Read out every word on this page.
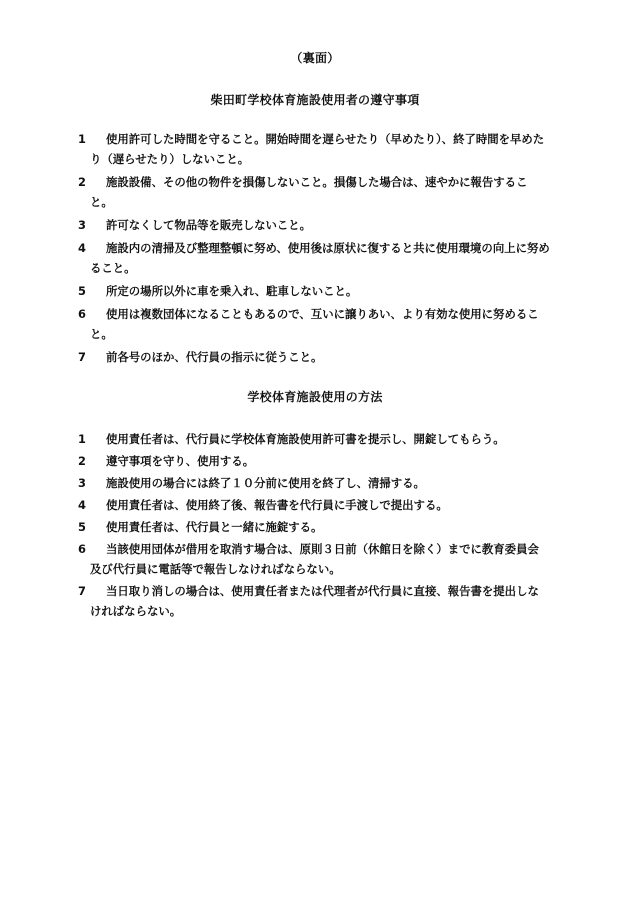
（裏面）
柴田町学校体育施設使用者の遵守事項
1 使用許可した時間を守ること。開始時間を遅らせたり（早めたり）、終了時間を早めたり（遅らせたり）しないこと。
2 施設設備、その他の物件を損傷しないこと。損傷した場合は、速やかに報告すること。
3 許可なくして物品等を販売しないこと。
4 施設内の清掃及び整理整頓に努め、使用後は原状に復すると共に使用環境の向上に努めること。
5 所定の場所以外に車を乗入れ、駐車しないこと。
6 使用は複数団体になることもあるので、互いに譲りあい、より有効な使用に努めること。
7 前各号のほか、代行員の指示に従うこと。
学校体育施設使用の方法
1 使用責任者は、代行員に学校体育施設使用許可書を提示し、開錠してもらう。
2 遵守事項を守り、使用する。
3 施設使用の場合には終了１０分前に使用を終了し、清掃する。
4 使用責任者は、使用終了後、報告書を代行員に手渡しで提出する。
5 使用責任者は、代行員と一緒に施錠する。
6 当該使用団体が借用を取消す場合は、原則３日前（休館日を除く）までに教育委員会及び代行員に電話等で報告しなければならない。
7 当日取り消しの場合は、使用責任者または代理者が代行員に直接、報告書を提出しなければならない。
